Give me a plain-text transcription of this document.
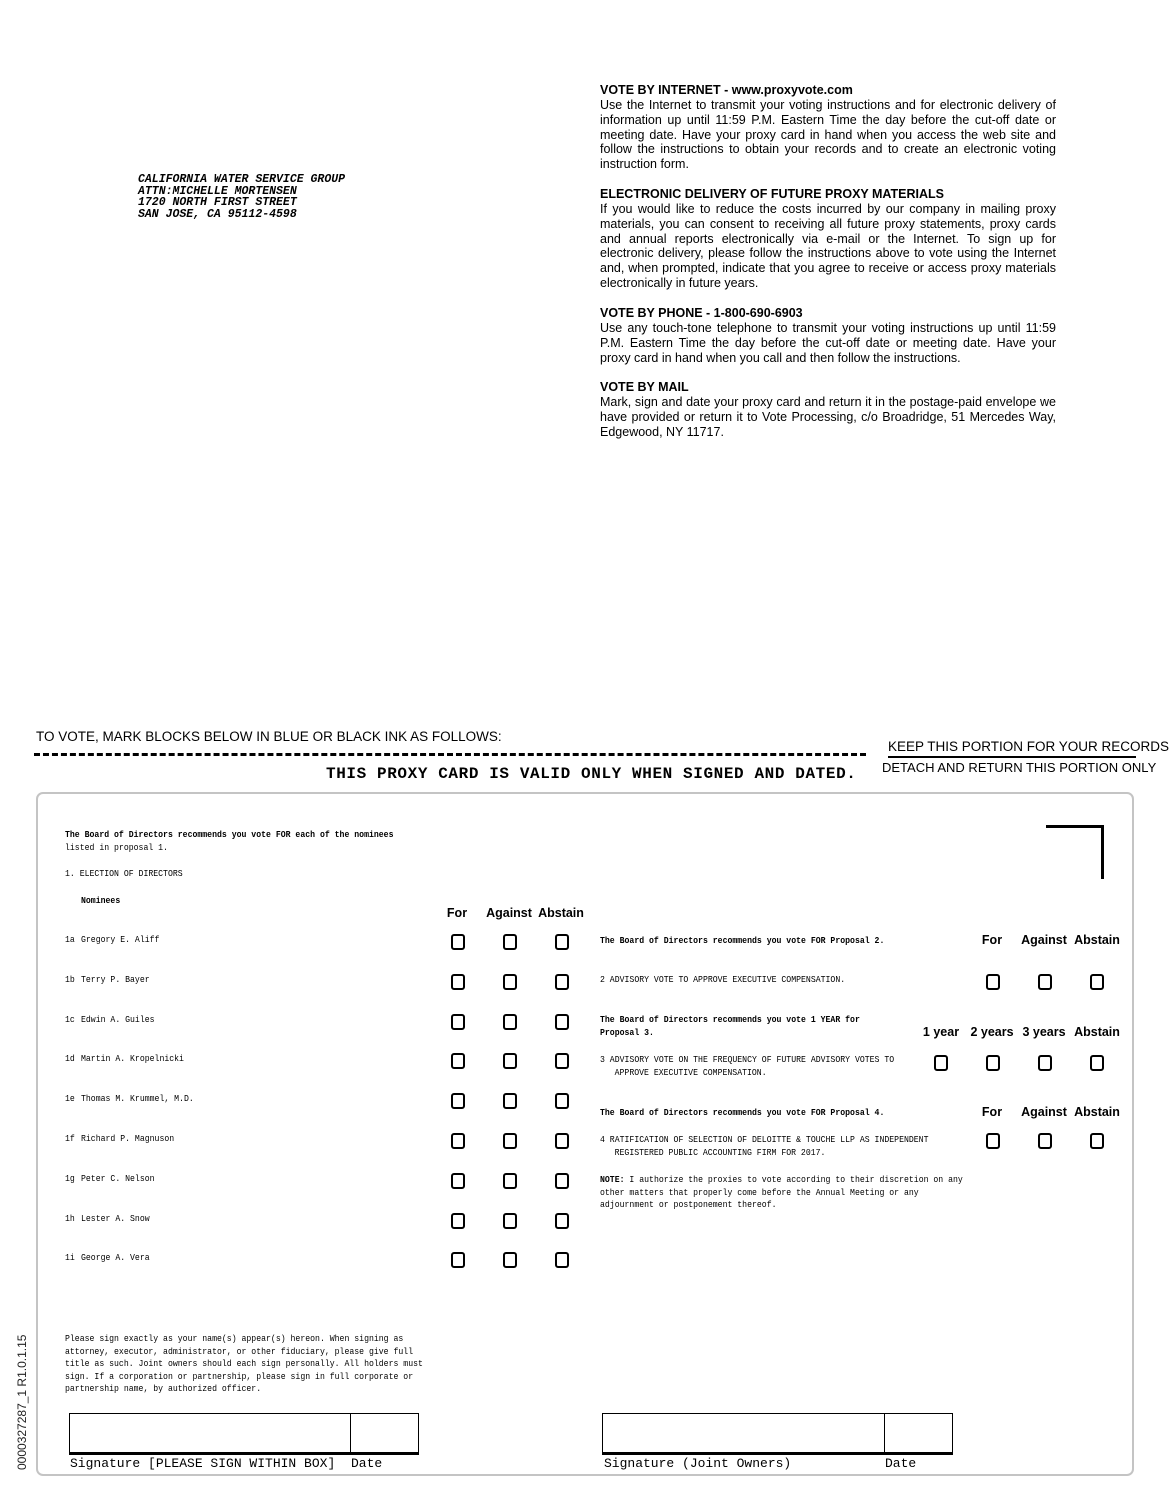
CALIFORNIA WATER SERVICE GROUP
ATTN:MICHELLE MORTENSEN
1720 NORTH FIRST STREET
SAN JOSE, CA 95112-4598
VOTE BY INTERNET - www.proxyvote.com

Use the Internet to transmit your voting instructions and for electronic delivery of information up until 11:59 P.M. Eastern Time the day before the cut-off date or meeting date. Have your proxy card in hand when you access the web site and follow the instructions to obtain your records and to create an electronic voting instruction form.

ELECTRONIC DELIVERY OF FUTURE PROXY MATERIALS

If you would like to reduce the costs incurred by our company in mailing proxy materials, you can consent to receiving all future proxy statements, proxy cards and annual reports electronically via e-mail or the Internet. To sign up for electronic delivery, please follow the instructions above to vote using the Internet and, when prompted, indicate that you agree to receive or access proxy materials electronically in future years.

VOTE BY PHONE - 1-800-690-6903

Use any touch-tone telephone to transmit your voting instructions up until 11:59 P.M. Eastern Time the day before the cut-off date or meeting date. Have your proxy card in hand when you call and then follow the instructions.

VOTE BY MAIL

Mark, sign and date your proxy card and return it in the postage-paid envelope we have provided or return it to Vote Processing, c/o Broadridge, 51 Mercedes Way, Edgewood, NY 11717.

TO VOTE, MARK BLOCKS BELOW IN BLUE OR BLACK INK AS FOLLOWS:
KEEP THIS PORTION FOR YOUR RECORDS
DETACH AND RETURN THIS PORTION ONLY
THIS PROXY CARD IS VALID ONLY WHEN SIGNED AND DATED.
0000327287_1 R1.0.1.15
The Board of Directors recommends you vote FOR each of the nominees
listed in proposal 1.
1. ELECTION OF DIRECTORS
Nominees
For	Against Abstain
1a Gregory E. Aliff
1b Terry P. Bayer
1c Edwin A. Guiles
1d Martin A. Kropelnicki
1e Thomas M. Krummel, M.D.
1f Richard P. Magnuson
1g Peter C. Nelson
1h Lester A. Snow
1i George A. Vera
The Board of Directors recommends you vote FOR Proposal 2.	For	Against Abstain
2 ADVISORY VOTE TO APPROVE EXECUTIVE COMPENSATION.
The Board of Directors recommends you vote 1 YEAR for
Proposal 3.	1 year 2 years 3 years Abstain
3 ADVISORY VOTE ON THE FREQUENCY OF FUTURE ADVISORY VOTES TO
APPROVE EXECUTIVE COMPENSATION.
The Board of Directors recommends you vote FOR Proposal 4.	For	Against Abstain
4 RATIFICATION OF SELECTION OF DELOITTE & TOUCHE LLP AS INDEPENDENT
REGISTERED PUBLIC ACCOUNTING FIRM FOR 2017.
NOTE: I authorize the proxies to vote according to their discretion on any
other matters that properly come before the Annual Meeting or any
adjournment or postponement thereof.
Please sign exactly as your name(s) appear(s) hereon. When signing as
attorney, executor, administrator, or other fiduciary, please give full
title as such. Joint owners should each sign personally. All holders must
sign. If a corporation or partnership, please sign in full corporate or
partnership name, by authorized officer.
Signature [PLEASE SIGN WITHIN BOX] Date	Signature (Joint Owners)	Date
